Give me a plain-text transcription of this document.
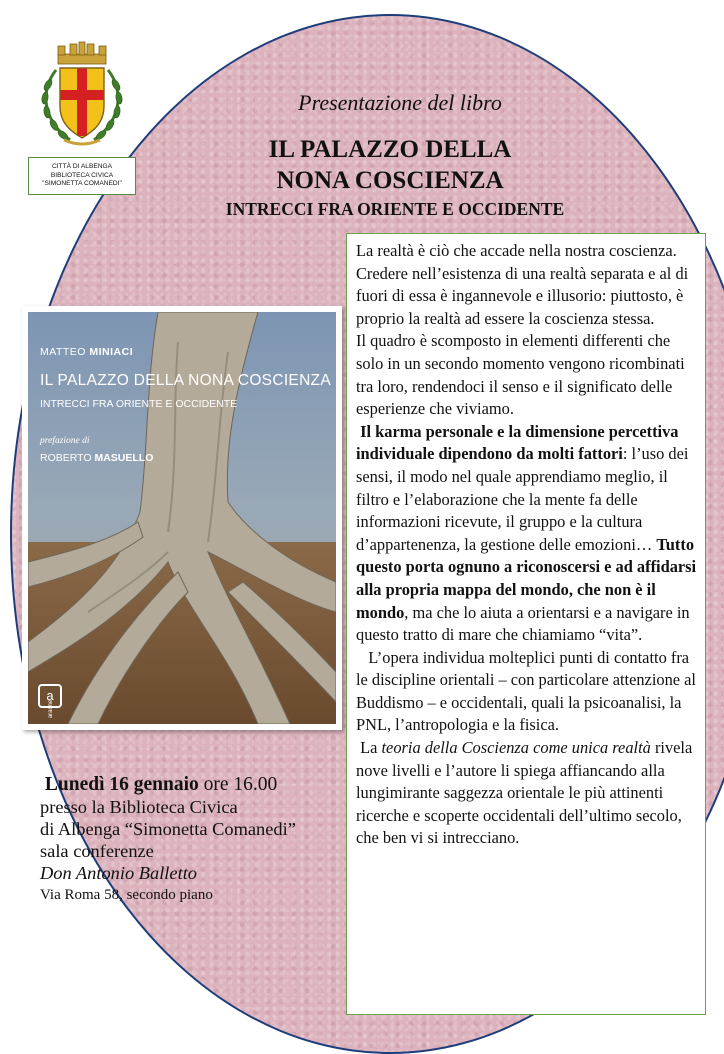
CITTÀ DI ALBENGA
BIBLIOTECA CIVICA
"SIMONETTA COMANEDI"
Presentazione del libro
IL PALAZZO DELLA
NONA COSCIENZA
INTRECCI FRA ORIENTE E OCCIDENTE
MATTEO MINIACI
IL PALAZZO DELLA NONA COSCIENZA
INTRECCI FRA ORIENTE E OCCIDENTE
prefazione di
ROBERTO MASUELLO
a
aracne

La realtà è ciò che accade nella nostra coscienza. Credere nell’esistenza di una realtà separata e al di fuori di essa è ingannevole e illusorio: piuttosto, è proprio la realtà ad essere la coscienza stessa.

Il quadro è scomposto in elementi differenti che solo in un secondo momento vengono ricombinati tra loro, rendendoci il senso e il significato delle esperienze che viviamo.

Il karma personale e la dimensione percettiva individuale dipendono da molti fattori: l’uso dei sensi, il modo nel quale apprendiamo meglio, il filtro e l’elaborazione che la mente fa delle informazioni ricevute, il gruppo e la cultura d’appartenenza, la gestione delle emozioni… Tutto questo porta ognuno a riconoscersi e ad affidarsi alla propria mappa del mondo, che non è il mondo, ma che lo aiuta a orientarsi e a navigare in questo tratto di mare che chiamiamo “vita”.

L’opera individua molteplici punti di contatto fra le discipline orientali – con particolare attenzione al Buddismo – e occidentali, quali la psicoanalisi, la PNL, l’antropologia e la fisica.

La teoria della Coscienza come unica realtà rivela nove livelli e l’autore li spiega affiancando alla lungimirante saggezza orientale le più attinenti ricerche e scoperte occidentali dell’ultimo secolo, che ben vi si intrecciano.

Lunedì 16 gennaio ore 16.00
presso la Biblioteca Civica
di Albenga “Simonetta Comanedi”
sala conferenze
Don Antonio Balletto
Via Roma 58, secondo piano
